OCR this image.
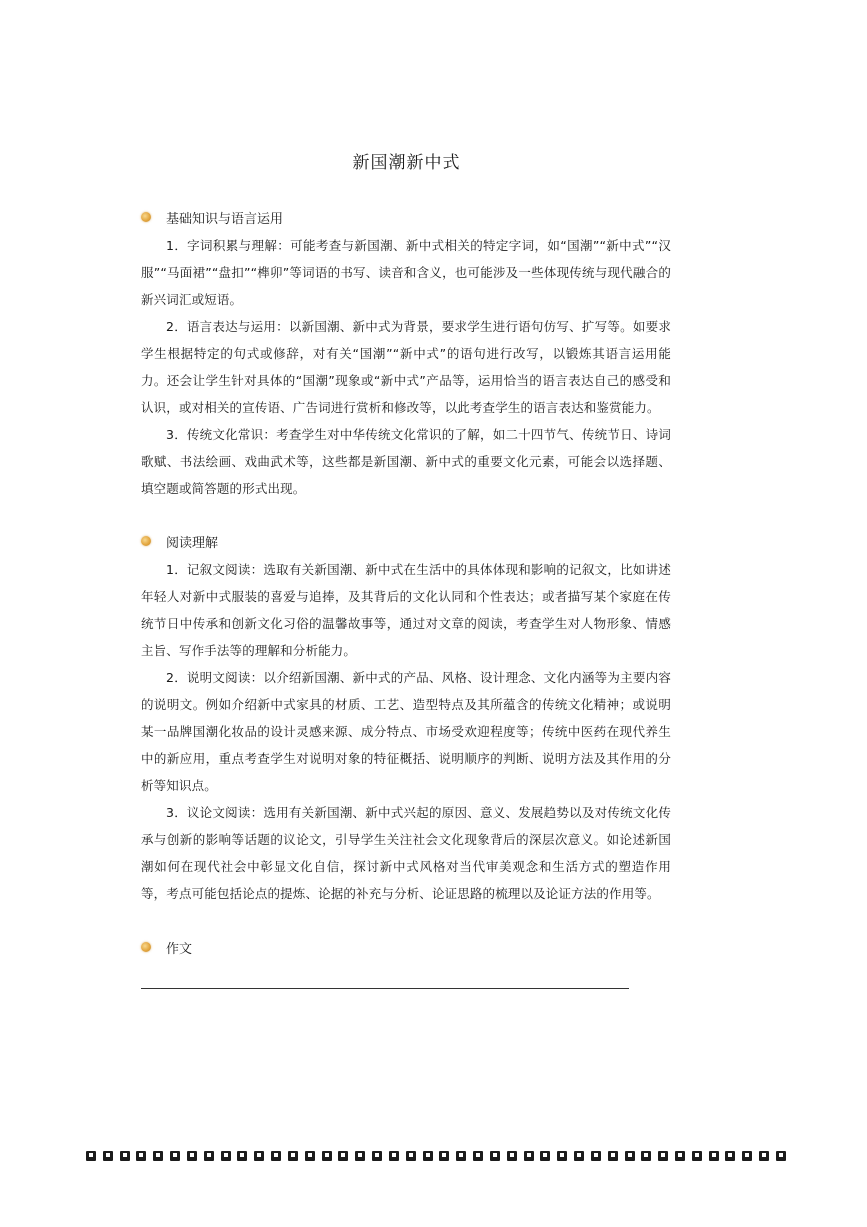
新国潮新中式
基础知识与语言运用

1．字词积累与理解：可能考查与新国潮、新中式相关的特定字词，如“国潮”“新中式”“汉服”“马面裙”“盘扣”“榫卯”等词语的书写、读音和含义，也可能涉及一些体现传统与现代融合的新兴词汇或短语。

2．语言表达与运用：以新国潮、新中式为背景，要求学生进行语句仿写、扩写等。如要求学生根据特定的句式或修辞，对有关“国潮”“新中式”的语句进行改写，以锻炼其语言运用能力。还会让学生针对具体的“国潮”现象或“新中式”产品等，运用恰当的语言表达自己的感受和认识，或对相关的宣传语、广告词进行赏析和修改等，以此考查学生的语言表达和鉴赏能力。

3．传统文化常识：考查学生对中华传统文化常识的了解，如二十四节气、传统节日、诗词歌赋、书法绘画、戏曲武术等，这些都是新国潮、新中式的重要文化元素，可能会以选择题、填空题或简答题的形式出现。

阅读理解

1．记叙文阅读：选取有关新国潮、新中式在生活中的具体体现和影响的记叙文，比如讲述年轻人对新中式服装的喜爱与追捧，及其背后的文化认同和个性表达；或者描写某个家庭在传统节日中传承和创新文化习俗的温馨故事等，通过对文章的阅读，考查学生对人物形象、情感主旨、写作手法等的理解和分析能力。

2．说明文阅读：以介绍新国潮、新中式的产品、风格、设计理念、文化内涵等为主要内容的说明文。例如介绍新中式家具的材质、工艺、造型特点及其所蕴含的传统文化精神；或说明某一品牌国潮化妆品的设计灵感来源、成分特点、市场受欢迎程度等；传统中医药在现代养生中的新应用，重点考查学生对说明对象的特征概括、说明顺序的判断、说明方法及其作用的分析等知识点。

3．议论文阅读：选用有关新国潮、新中式兴起的原因、意义、发展趋势以及对传统文化传承与创新的影响等话题的议论文，引导学生关注社会文化现象背后的深层次意义。如论述新国潮如何在现代社会中彰显文化自信，探讨新中式风格对当代审美观念和生活方式的塑造作用等，考点可能包括论点的提炼、论据的补充与分析、论证思路的梳理以及论证方法的作用等。

作文
